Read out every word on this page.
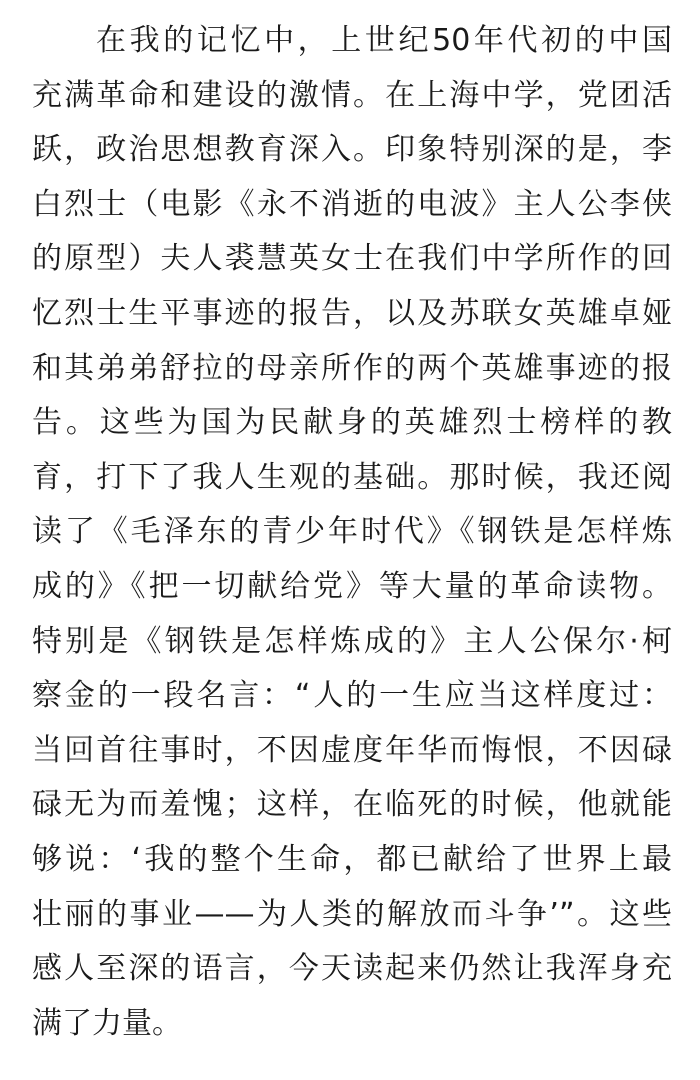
在我的记忆中，上世纪50年代初的中国
充满革命和建设的激情。在上海中学，党团活
跃，政治思想教育深入。印象特别深的是，李
白烈士（电影《永不消逝的电波》主人公李侠
的原型）夫人裘慧英女士在我们中学所作的回
忆烈士生平事迹的报告，以及苏联女英雄卓娅
和其弟弟舒拉的母亲所作的两个英雄事迹的报
告。这些为国为民献身的英雄烈士榜样的教
育，打下了我人生观的基础。那时候，我还阅
读了《毛泽东的青少年时代》《钢铁是怎样炼
成的》《把一切献给党》等大量的革命读物。
特别是《钢铁是怎样炼成的》主人公保尔·柯
察金的一段名言：“人的一生应当这样度过：
当回首往事时，不因虚度年华而悔恨，不因碌
碌无为而羞愧；这样，在临死的时候，他就能
够说：‘我的整个生命，都已献给了世界上最
壮丽的事业——为人类的解放而斗争’”。这些
感人至深的语言，今天读起来仍然让我浑身充
满了力量。
